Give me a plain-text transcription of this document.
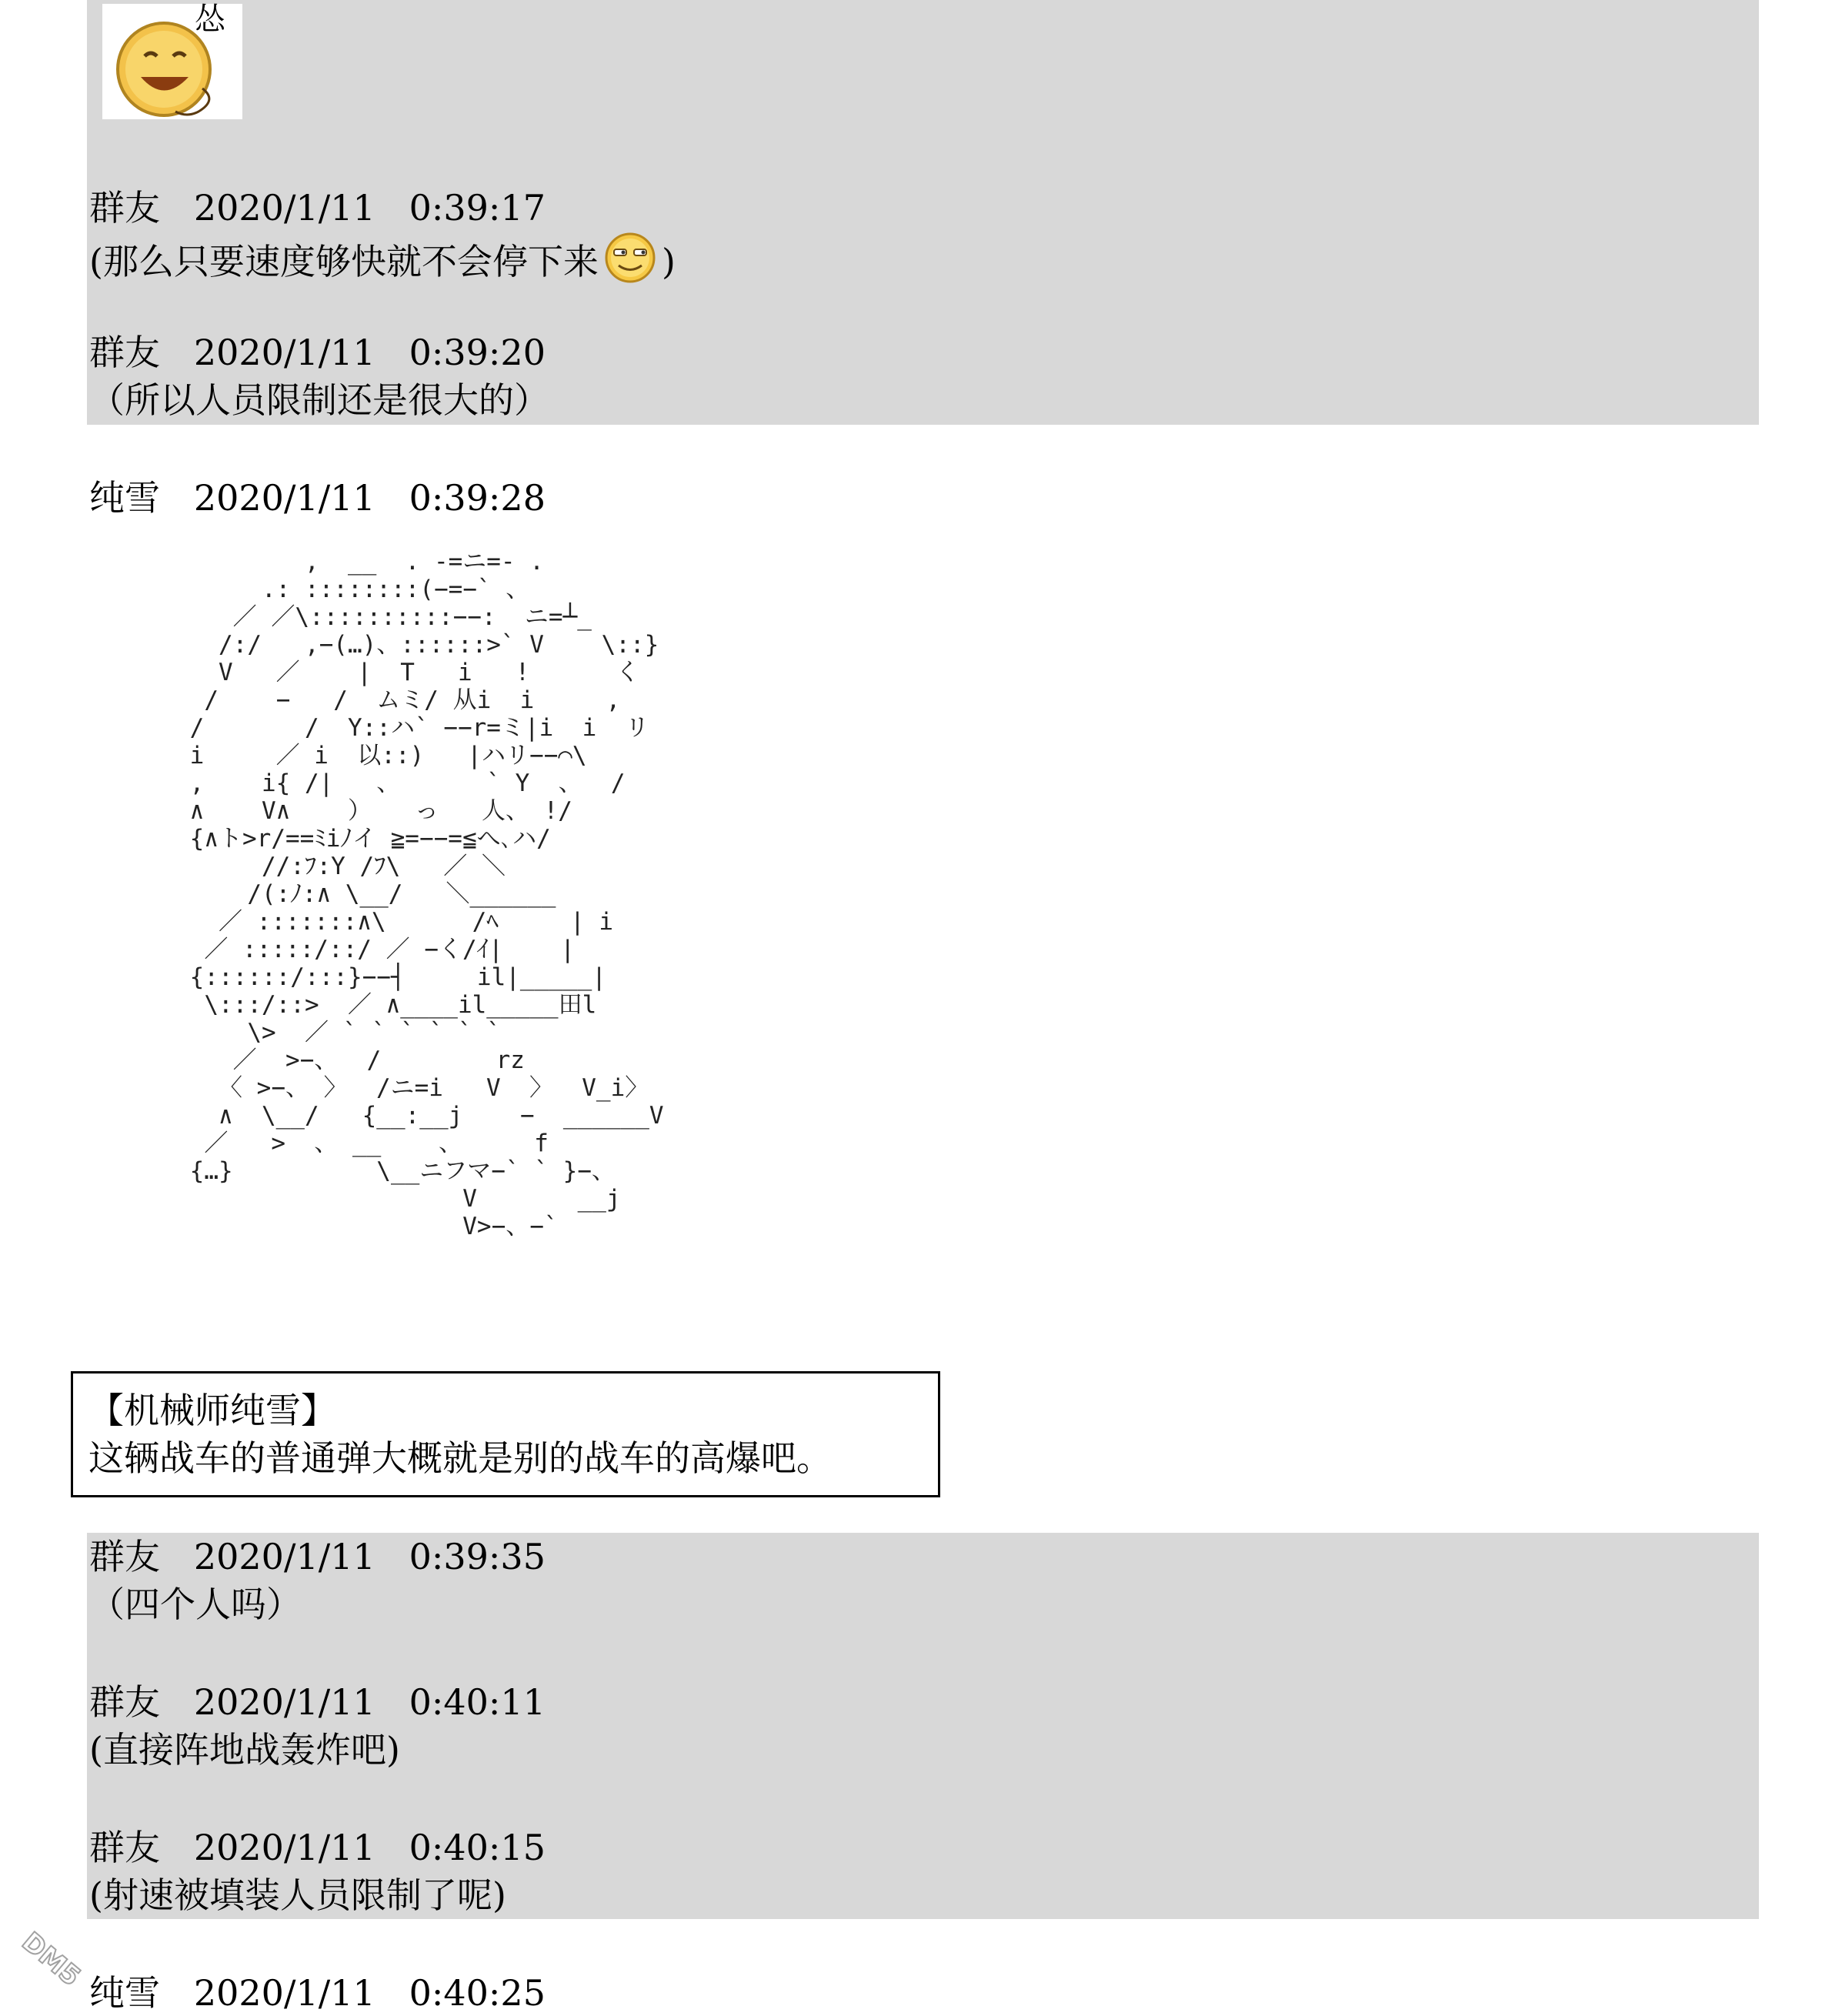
怂

群友 2020/1/11 0:39:17

(那么只要速度够快就不会停下来 )

群友 2020/1/11 0:39:20

（所以人员限制还是很大的）

纯雪 2020/1/11 0:39:28

,  __  . -=ニ=- .
.: ::::::::(−=−` 、
／ ／\::::::::::−−:  ニ=┴_
/:/   ,−(…)、::::::>` V    \::}
V   ／    |  T   i   !      く
/    −   /  ムミ/ 从i  i     ,
/       /  Y::ハ` −−r=ミ|i  i  リ
i     ／ i  以::)   |ハリ−−⌒\
,    i{ /|   、      ` Y  、  /
∧    V∧    ）   っ   人、 !/
{∧ト>r/==ﾐiﾉイ ≧=−−=≦へ､ハ/
//:ﾌ:Y /ﾌ\   ／ ＼
/(:ﾉ:∧ \__/   ＼______
／ :::::::∧\      /ﾍ     | i
／ :::::/::/ ／ −く/ｲ|    |
{::::::/:::}−−┤     il|_____|
\:::/::>  ／ ∧____il_____田l
\>  ／ ` ` ` ` ` `
／  >−、  /        rz
〈 >−、 〉  /ニ=i   V  〉  V_i〉
∧  \__/   {__:__j    −  ______V
／   >  、 __    、     f
{…}          \__ニフマ−` ` }−、
V       __j
V>−、−`

【机械师纯雪】

这辆战车的普通弹大概就是别的战车的高爆吧。

群友 2020/1/11 0:39:35

（四个人吗）

群友 2020/1/11 0:40:11

(直接阵地战轰炸吧)

群友 2020/1/11 0:40:15

(射速被填装人员限制了呢)

纯雪 2020/1/11 0:40:25

DM5
